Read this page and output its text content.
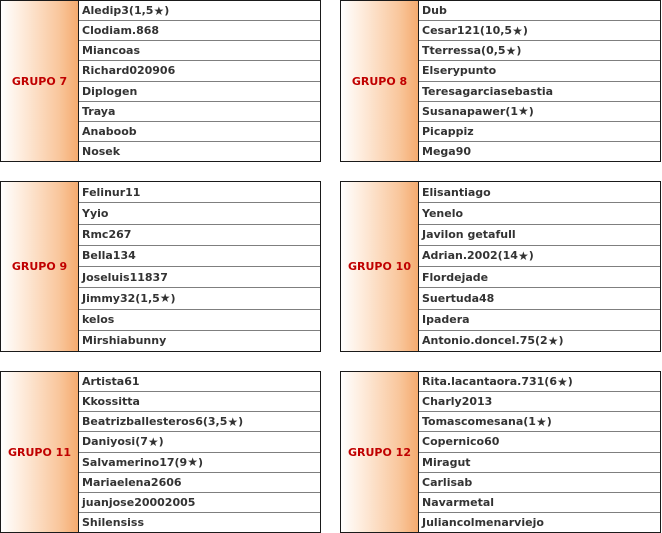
GRUPO 7
Aledip3(1,5 ★ )
Clodiam.868
Miancoas
Richard020906
Diplogen
Traya
Anaboob
Nosek
GRUPO 8
Dub
Cesar121(10,5 ★ )
Tterressa(0,5 ★ )
Elserypunto
Teresagarciasebastia
Susanapawer(1 ★ )
Picappiz
Mega90
GRUPO 9
Felinur11
Yyio
Rmc267
Bella134
Joseluis11837
Jimmy32(1,5 ★ )
kelos
Mirshiabunny
GRUPO 10
Elisantiago
Yenelo
Javilon getafull
Adrian.2002(14 ★ )
Flordejade
Suertuda48
Ipadera
Antonio.doncel.75(2 ★ )
GRUPO 11
Artista61
Kkossitta
Beatrizballesteros6(3,5 ★ )
Daniyosi(7 ★ )
Salvamerino17(9 ★ )
Mariaelena2606
juanjose20002005
Shilensiss
GRUPO 12
Rita.lacantaora.731(6 ★ )
Charly2013
Tomascomesana(1 ★ )
Copernico60
Miragut
Carlisab
Navarmetal
Juliancolmenarviejo
